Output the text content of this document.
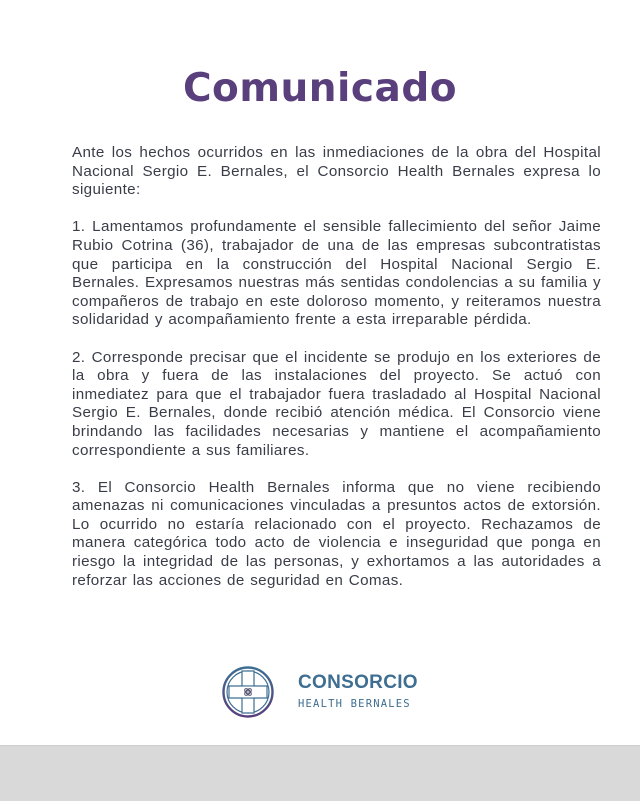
Comunicado

Ante los hechos ocurridos en las inmediaciones de la obra del Hospital Nacional Sergio E. Bernales, el Consorcio Health Bernales expresa lo siguiente:

1. Lamentamos profundamente el sensible fallecimiento del señor Jaime Rubio Cotrina (36), trabajador de una de las empresas subcontratistas que participa en la construcción del Hospital Nacional Sergio E. Bernales. Expresamos nuestras más sentidas condolencias a su familia y compañeros de trabajo en este doloroso momento, y reiteramos nuestra solidaridad y acompañamiento frente a esta irreparable pérdida.

2. Corresponde precisar que el incidente se produjo en los exteriores de la obra y fuera de las instalaciones del proyecto. Se actuó con inmediatez para que el trabajador fuera trasladado al Hospital Nacional Sergio E. Bernales, donde recibió atención médica. El Consorcio viene brindando las facilidades necesarias y mantiene el acompañamiento correspondiente a sus familiares.

3. El Consorcio Health Bernales informa que no viene recibiendo amenazas ni comunicaciones vinculadas a presuntos actos de extorsión. Lo ocurrido no estaría relacionado con el proyecto. Rechazamos de manera categórica todo acto de violencia e inseguridad que ponga en riesgo la integridad de las personas, y exhortamos a las autoridades a reforzar las acciones de seguridad en Comas.

CONSORCIO
HEALTH BERNALES
